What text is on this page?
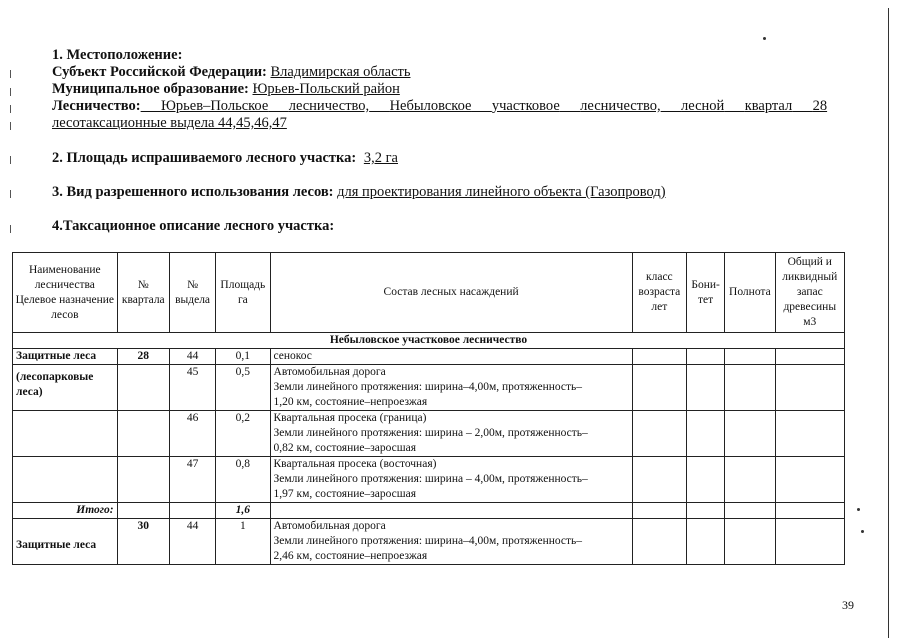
1. Местоположение:
Субъект Российской Федерации: Владимирская область
Муниципальное образование: Юрьев-Польский район
Лесничество: Юрьев–Польское лесничество, Небыловское участковое лесничество, лесной квартал 28
лесотаксационные выдела 44,45,46,47
2. Площадь испрашиваемого лесного участка: 3,2 га
3. Вид разрешенного использования лесов: для проектирования линейного объекта (Газопровод)
4.Таксационное описание лесного участка:
Наименование лесничества Целевое назначение лесов	№ квартала	№ выдела	Площадь га	Состав лесных насаждений	класс возраста лет	Бони-тет	Полнота	Общий и ликвидный запас древесины м3
Небыловское участковое лесничество								
Защитные леса	28	44	0,1	сенокос				
(лесопарковые леса)		45	0,5	Автомобильная дорога
Земли линейного протяжения: ширина–4,00м, протяженность–
1,20 км, состояние–непроезжая				

		46	0,2	Квартальная просека (граница)
Земли линейного протяжения: ширина – 2,00м, протяженность–
0,82 км, состояние–заросшая				

		47	0,8	Квартальная просека (восточная)
Земли линейного протяжения: ширина – 4,00м, протяженность–
1,97 км, состояние–заросшая				

Итого:			1,6					
Защитные леса	30	44	1	Автомобильная дорога
Земли линейного протяжения: ширина–4,00м, протяженность–
2,46 км, состояние–непроезжая				

39
